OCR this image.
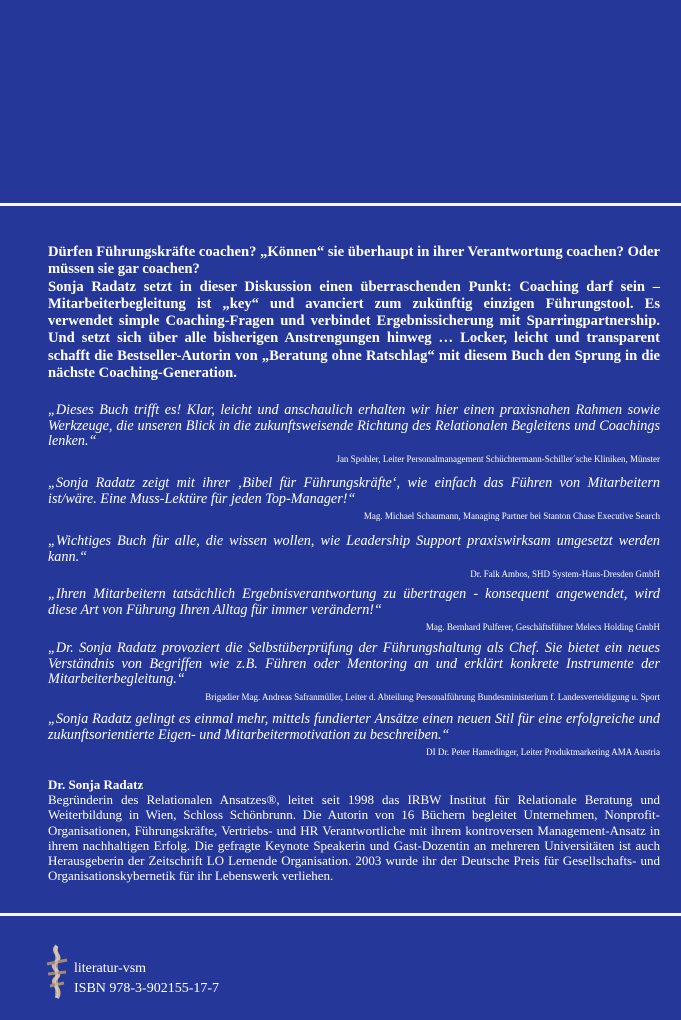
Dürfen Führungskräfte coachen? „Können“ sie überhaupt in ihrer Verantwortung coachen? Oder müssen sie gar coachen?

Sonja Radatz setzt in dieser Diskussion einen überraschenden Punkt: Coaching darf sein – Mitarbeiterbegleitung ist „key“ und avanciert zum zukünftig einzigen Führungstool. Es verwendet simple Coaching-Fragen und verbindet Ergebnissicherung mit Sparringpartnership. Und setzt sich über alle bisherigen Anstrengungen hinweg … Locker, leicht und transparent schafft die Bestseller-Autorin von „Beratung ohne Ratschlag“ mit diesem Buch den Sprung in die nächste Coaching-Generation.

„Dieses Buch trifft es! Klar, leicht und anschaulich erhalten wir hier einen praxisnahen Rahmen sowie Werkzeuge, die unseren Blick in die zukunftsweisende Richtung des Relationalen Begleitens und Coachings lenken.“

Jan Spohler, Leiter Personalmanagement Schüchtermann-Schiller´sche Kliniken, Münster

„Sonja Radatz zeigt mit ihrer ‚Bibel für Führungskräfte‘, wie einfach das Führen von Mitarbeitern ist/wäre. Eine Muss-Lektüre für jeden Top-Manager!“

Mag. Michael Schaumann, Managing Partner bei Stanton Chase Executive Search

„Wichtiges Buch für alle, die wissen wollen, wie Leadership Support praxiswirksam umgesetzt werden kann.“

Dr. Falk Ambos, SHD System-Haus-Dresden GmbH

„Ihren Mitarbeitern tatsächlich Ergebnisverantwortung zu übertragen - konsequent angewendet, wird diese Art von Führung Ihren Alltag für immer verändern!“

Mag. Bernhard Pulferer, Geschäftsführer Melecs Holding GmbH

„Dr. Sonja Radatz provoziert die Selbstüberprüfung der Führungshaltung als Chef. Sie bietet ein neues Verständnis von Begriffen wie z.B. Führen oder Mentoring an und erklärt konkrete Instrumente der Mitarbeiterbegleitung.“

Brigadier Mag. Andreas Safranmüller, Leiter d. Abteilung Personalführung Bundesministerium f. Landesverteidigung u. Sport

„Sonja Radatz gelingt es einmal mehr, mittels fundierter Ansätze einen neuen Stil für eine erfolgreiche und zukunftsorientierte Eigen- und Mitarbeitermotivation zu beschreiben.“

DI Dr. Peter Hamedinger, Leiter Produktmarketing AMA Austria

Dr. Sonja Radatz

Begründerin des Relationalen Ansatzes®, leitet seit 1998 das IRBW Institut für Relationale Beratung und Weiterbildung in Wien, Schloss Schönbrunn. Die Autorin von 16 Büchern begleitet Unternehmen, Nonprofit-Organisationen, Führungskräfte, Vertriebs- und HR Verantwortliche mit ihrem kontroversen Management-Ansatz in ihrem nachhaltigen Erfolg. Die gefragte Keynote Speakerin und Gast-Dozentin an mehreren Universitäten ist auch Herausgeberin der Zeitschrift LO Lernende Organisation. 2003 wurde ihr der Deutsche Preis für Gesellschafts- und Organisationskybernetik für ihr Lebenswerk verliehen.

literatur-vsm
ISBN 978-3-902155-17-7
